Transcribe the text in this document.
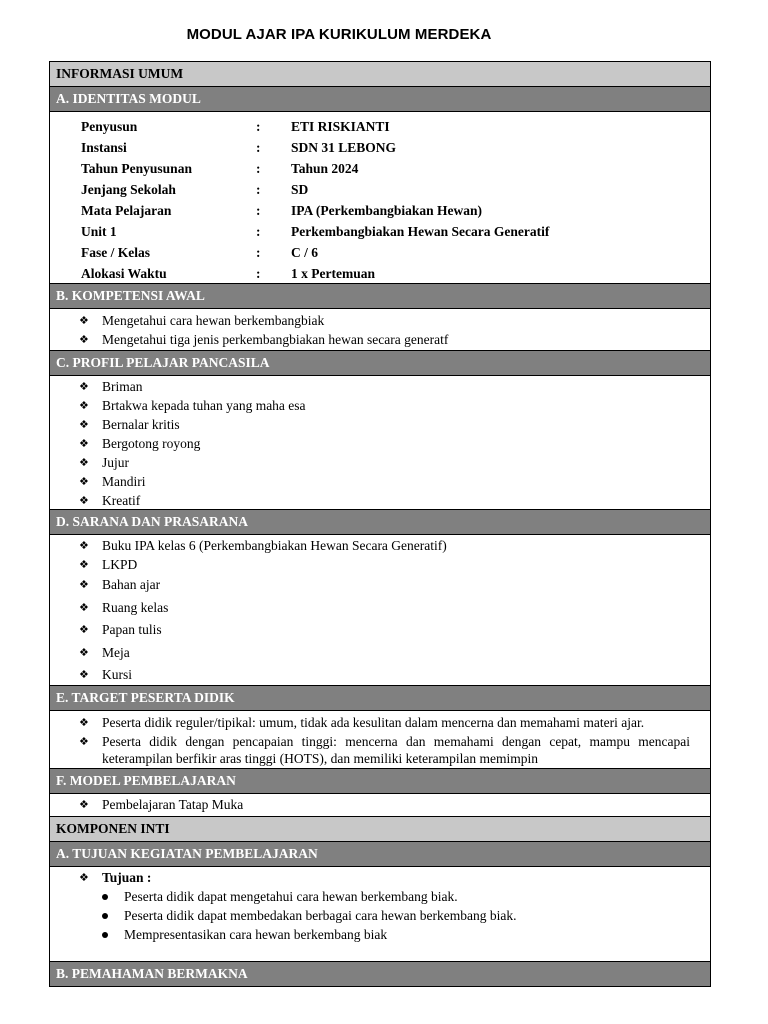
MODUL AJAR IPA KURIKULUM MERDEKA
INFORMASI UMUM
A. IDENTITAS MODUL
Penyusun	: ETI RISKIANTI
Instansi	: SDN 31 LEBONG
Tahun Penyusunan	: Tahun 2024
Jenjang Sekolah	: SD
Mata Pelajaran	: IPA (Perkembangbiakan Hewan)
Unit 1	: Perkembangbiakan Hewan Secara Generatif
Fase / Kelas	: C / 6
Alokasi Waktu	: 1 x Pertemuan
B. KOMPETENSI AWAL
❖ Mengetahui cara hewan berkembangbiak
❖ Mengetahui tiga jenis perkembangbiakan hewan secara generatf
C. PROFIL PELAJAR PANCASILA
❖ Briman
❖ Brtakwa kepada tuhan yang maha esa
❖ Bernalar kritis
❖ Bergotong royong
❖ Jujur
❖ Mandiri
❖ Kreatif
D. SARANA DAN PRASARANA
❖ Buku IPA kelas 6 (Perkembangbiakan Hewan Secara Generatif)
❖ LKPD
❖ Bahan ajar
❖ Ruang kelas
❖ Papan tulis
❖ Meja
❖ Kursi
E. TARGET PESERTA DIDIK
❖ Peserta didik reguler/tipikal: umum, tidak ada kesulitan dalam mencerna dan memahami materi ajar.
❖ Peserta didik dengan pencapaian tinggi: mencerna dan memahami dengan cepat, mampu mencapai keterampilan berfikir aras tinggi (HOTS), dan memiliki keterampilan memimpin
F. MODEL PEMBELAJARAN
❖ Pembelajaran Tatap Muka
KOMPONEN INTI
A. TUJUAN KEGIATAN PEMBELAJARAN
❖ Tujuan :
Peserta didik dapat mengetahui cara hewan berkembang biak.
Peserta didik dapat membedakan berbagai cara hewan berkembang biak.
Mempresentasikan cara hewan berkembang biak
B. PEMAHAMAN BERMAKNA
